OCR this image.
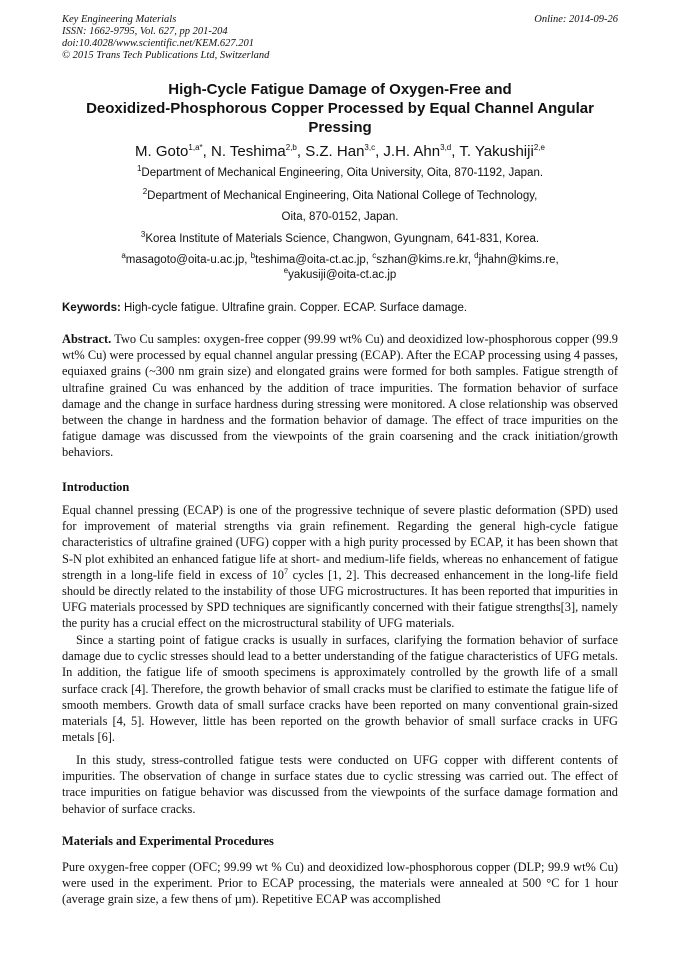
Key Engineering Materials
ISSN: 1662-9795, Vol. 627, pp 201-204
doi:10.4028/www.scientific.net/KEM.627.201
© 2015 Trans Tech Publications Ltd, Switzerland
Online: 2014-09-26
High-Cycle Fatigue Damage of Oxygen-Free and
Deoxidized-Phosphorous Copper Processed by Equal Channel Angular
Pressing
M. Goto$^{1,a*}$, N. Teshima$^{2,b}$, S.Z. Han$^{3,c}$, J.H. Ahn$^{3,d}$, T. Yakushiji$^{2,e}$
$^1$Department of Mechanical Engineering, Oita University, Oita, 870-1192, Japan.
$^2$Department of Mechanical Engineering, Oita National College of Technology,
Oita, 870-0152, Japan.
$^3$Korea Institute of Materials Science, Changwon, Gyungnam, 641-831, Korea.
$^a$masagoto@oita-u.ac.jp, $^b$teshima@oita-ct.ac.jp, $^c$szhan@kims.re.kr, $^d$jhahn@kims.re,
$^e$yakusiji@oita-ct.ac.jp
Keywords: High-cycle fatigue. Ultrafine grain. Copper. ECAP. Surface damage.
Abstract. Two Cu samples: oxygen-free copper (99.99 wt% Cu) and deoxidized low-phosphorous copper (99.9 wt% Cu) were processed by equal channel angular pressing (ECAP). After the ECAP processing using 4 passes, equiaxed grains (~300 nm grain size) and elongated grains were formed for both samples. Fatigue strength of ultrafine grained Cu was enhanced by the addition of trace impurities. The formation behavior of surface damage and the change in surface hardness during stressing were monitored. A close relationship was observed between the change in hardness and the formation behavior of damage. The effect of trace impurities on the fatigue damage was discussed from the viewpoints of the grain coarsening and the crack initiation/growth behaviors.
Introduction
Equal channel pressing (ECAP) is one of the progressive technique of severe plastic deformation (SPD) used for improvement of material strengths via grain refinement. Regarding the general high-cycle fatigue characteristics of ultrafine grained (UFG) copper with a high purity processed by ECAP, it has been shown that S-N plot exhibited an enhanced fatigue life at short- and medium-life fields, whereas no enhancement of fatigue strength in a long-life field in excess of $10^7$ cycles [1, 2]. This decreased enhancement in the long-life field should be directly related to the instability of those UFG microstructures. It has been reported that impurities in UFG materials processed by SPD techniques are significantly concerned with their fatigue strengths[3], namely the purity has a crucial effect on the microstructural stability of UFG materials.
Since a starting point of fatigue cracks is usually in surfaces, clarifying the formation behavior of surface damage due to cyclic stresses should lead to a better understanding of the fatigue characteristics of UFG metals. In addition, the fatigue life of smooth specimens is approximately controlled by the growth life of a small surface crack [4]. Therefore, the growth behavior of small cracks must be clarified to estimate the fatigue life of smooth members. Growth data of small surface cracks have been reported on many conventional grain-sized materials [4, 5]. However, little has been reported on the growth behavior of small surface cracks in UFG metals [6].
In this study, stress-controlled fatigue tests were conducted on UFG copper with different contents of impurities. The observation of change in surface states due to cyclic stressing was carried out. The effect of trace impurities on fatigue behavior was discussed from the viewpoints of the surface damage formation and behavior of surface cracks.
Materials and Experimental Procedures
Pure oxygen-free copper (OFC; 99.99 wt % Cu) and deoxidized low-phosphorous copper (DLP; 99.9 wt% Cu) were used in the experiment. Prior to ECAP processing, the materials were annealed at 500 °C for 1 hour (average grain size, a few thens of µm). Repetitive ECAP was accomplished
